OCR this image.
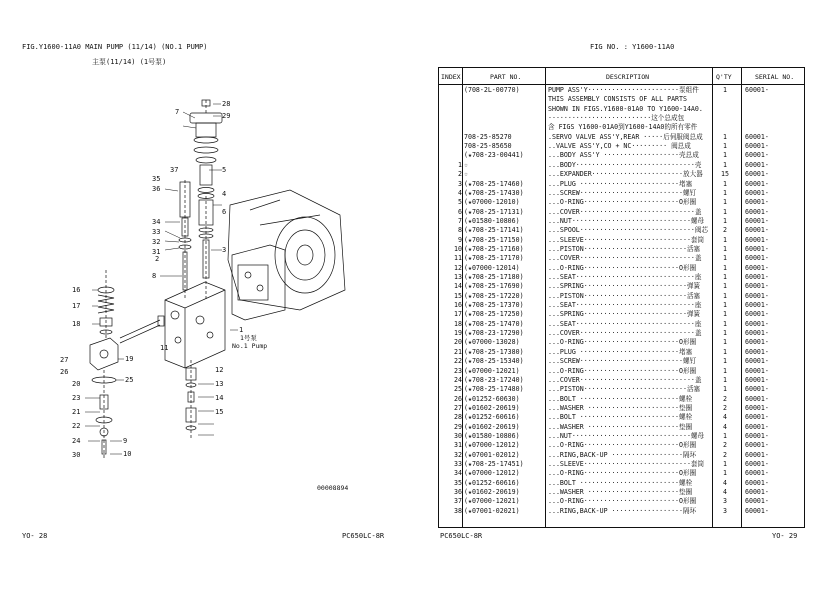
FIG.Y1600-11A0 MAIN PUMP (11/14) (NO.1 PUMP)
主泵(11/14) (1号泵)
28
29
7
37
36
5
34
33
32
31
35
8
6
4
3
2
1
16
17
18
27
26
19
25
20
23
21
22
24
30
9
10
11
12
13
14
15
1号泵
No.1 Pump
00008894
YO- 28	PC650LC-8R
FIG NO. : Y1600-11A0
INDEX	PART NO.	DESCRIPTION	Q'TY	SERIAL NO.
(708-2L-00770)	PUMP ASS'Y·······················泵组件	1	60001-
THIS ASSEMBLY CONSISTS OF ALL PARTS
SHOWN IN FIGS.Y1600-01A0 TO Y1600-14A0.
··························这个总成包
含 FIGS Y1600-01A0到Y1600-14A0的所有零件
708-25-85270	.SERVO VALVE ASS'Y,REAR ·····后伺服阀总成	1	60001-
708-25-85650	..VALVE ASS'Y,CO + NC········· 阀总成	1	60001-
(★708-23-00441)	...BODY ASS'Y ···················壳总成	1	60001-
1 ☆	...BODY······························壳	1	60001-
2 ☆	...EXPANDER·······················放大器	15	60001-
3 (★708-25-17460)	...PLUG ·························堵塞	1	60001-
4 (★708-25-17430)	...SCREW··························螺钉	1	60001-
5 (★07000-12010)	...O-RING························O形圈	1	60001-
6 (★708-25-17131)	...COVER·····························盖	1	60001-
7 (★01580-10806)	...NUT······························螺母	1	60001-
8 (★708-25-17141)	...SPOOL·····························阀芯	2	60001-
9 (★708-25-17150)	...SLEEVE···························套筒	1	60001-
10 (★708-25-17160)	...PISTON··························活塞	1	60001-
11 (★708-25-17170)	...COVER·····························盖	1	60001-
12 (★07000-12014)	...O-RING························O形圈	1	60001-
13 (★708-25-17180)	...SEAT······························座	1	60001-
14 (★708-25-17690)	...SPRING··························弹簧	1	60001-
15 (★708-25-17220)	...PISTON··························活塞	1	60001-
16 (★708-25-17370)	...SEAT······························座	1	60001-
17 (★708-25-17250)	...SPRING··························弹簧	1	60001-
18 (★708-25-17470)	...SEAT······························座	1	60001-
19 (★708-23-17290)	...COVER·····························盖	1	60001-
20 (★07000-13028)	...O-RING························O形圈	1	60001-
21 (★708-25-17380)	...PLUG ·························堵塞	1	60001-
22 (★708-25-15340)	...SCREW··························螺钉	1	60001-
23 (★07000-12021)	...O-RING························O形圈	1	60001-
24 (★708-23-17240)	...COVER·····························盖	1	60001-
25 (★708-25-17480)	...PISTON··························活塞	1	60001-
26 (★01252-60630)	...BOLT ·························螺栓	2	60001-
27 (★01602-20619)	...WASHER ·······················垫圈	2	60001-
28 (★01252-60616)	...BOLT ·························螺栓	4	60001-
29 (★01602-20619)	...WASHER ·······················垫圈	4	60001-
30 (★01580-10806)	...NUT······························螺母	1	60001-
31 (★07000-12012)	...O-RING························O形圈	2	60001-
32 (★07001-02012)	...RING,BACK-UP ··················隔环	2	60001-
33 (★708-25-17451)	...SLEEVE···························套筒	1	60001-
34 (★07000-12012)	...O-RING························O形圈	1	60001-
35 (★01252-60616)	...BOLT ·························螺栓	4	60001-
36 (★01602-20619)	...WASHER ·······················垫圈	4	60001-
37 (★07000-12021)	...O-RING························O形圈	3	60001-
38 (★07001-02021)	...RING,BACK-UP ··················隔环	3	60001-
PC650LC-8R	YO- 29
